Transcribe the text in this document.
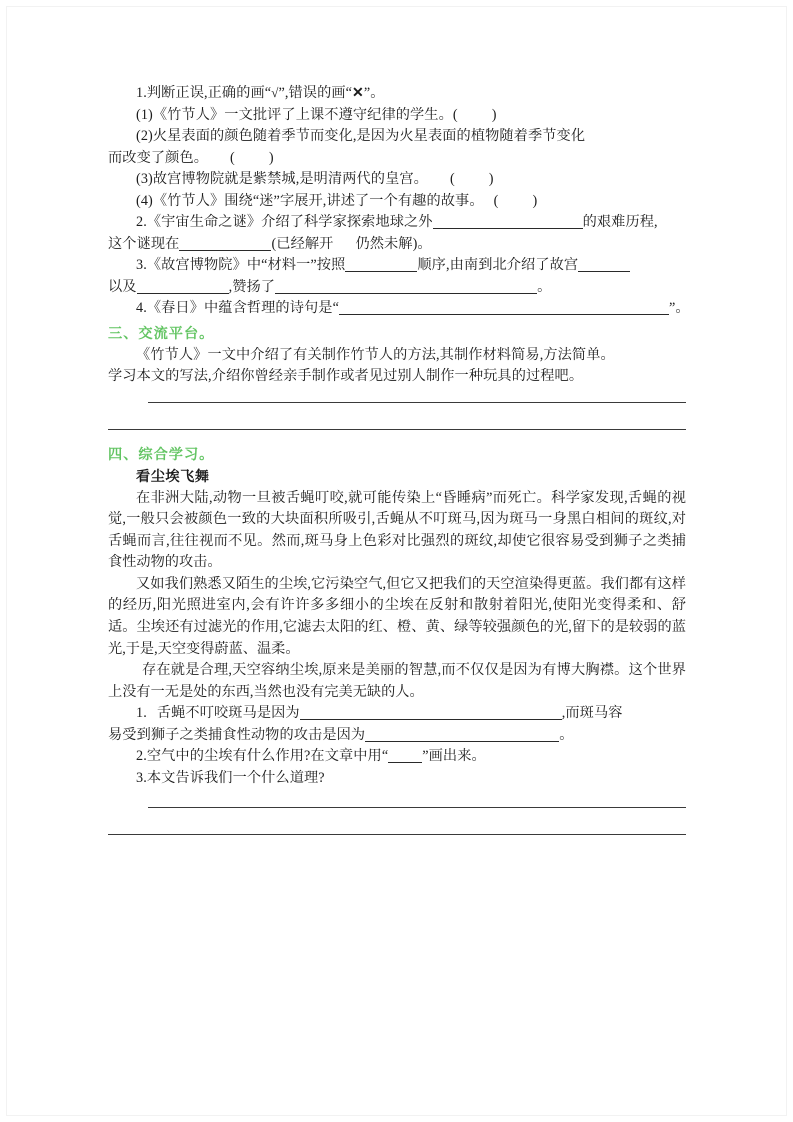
1.判断正误,正确的画“√”,错误的画“✕”。
(1)《竹节人》一文批评了上课不遵守纪律的学生。( )
(2)火星表面的颜色随着季节而变化,是因为火星表面的植物随着季节变化
而改变了颜色。 ( )
(3)故宫博物院就是紫禁城,是明清两代的皇宫。 ( )
(4)《竹节人》围绕“迷”字展开,讲述了一个有趣的故事。 ( )
2.《宇宙生命之谜》介绍了科学家探索地球之外	的艰难历程,
这个谜现在	(已经解开 仍然未解)。
3.《故宫博物院》中“材料一”按照	顺序,由南到北介绍了故宫
以及	,赞扬了	。
4.《春日》中蕴含哲理的诗句是“	”。
三、交流平台。
《竹节人》一文中介绍了有关制作竹节人的方法,其制作材料简易,方法简单。
学习本文的写法,介绍你曾经亲手制作或者见过别人制作一种玩具的过程吧。
四、综合学习。
看尘埃飞舞

在非洲大陆,动物一旦被舌蝇叮咬,就可能传染上“昏睡病”而死亡。科学家发现,舌蝇的视觉,一般只会被颜色一致的大块面积所吸引,舌蝇从不叮斑马,因为斑马一身黑白相间的斑纹,对舌蝇而言,往往视而不见。然而,斑马身上色彩对比强烈的斑纹,却使它很容易受到狮子之类捕食性动物的攻击。

又如我们熟悉又陌生的尘埃,它污染空气,但它又把我们的天空渲染得更蓝。我们都有这样的经历,阳光照进室内,会有许许多多细小的尘埃在反射和散射着阳光,使阳光变得柔和、舒适。尘埃还有过滤光的作用,它滤去太阳的红、橙、黄、绿等较强颜色的光,留下的是较弱的蓝光,于是,天空变得蔚蓝、温柔。

存在就是合理,天空容纳尘埃,原来是美丽的智慧,而不仅仅是因为有博大胸襟。这个世界上没有一无是处的东西,当然也没有完美无缺的人。

1. 舌蝇不叮咬斑马是因为	,而斑马容
易受到狮子之类捕食性动物的攻击是因为	。
2.空气中的尘埃有什么作用?在文章中用“ ”画出来。
3.本文告诉我们一个什么道理?
